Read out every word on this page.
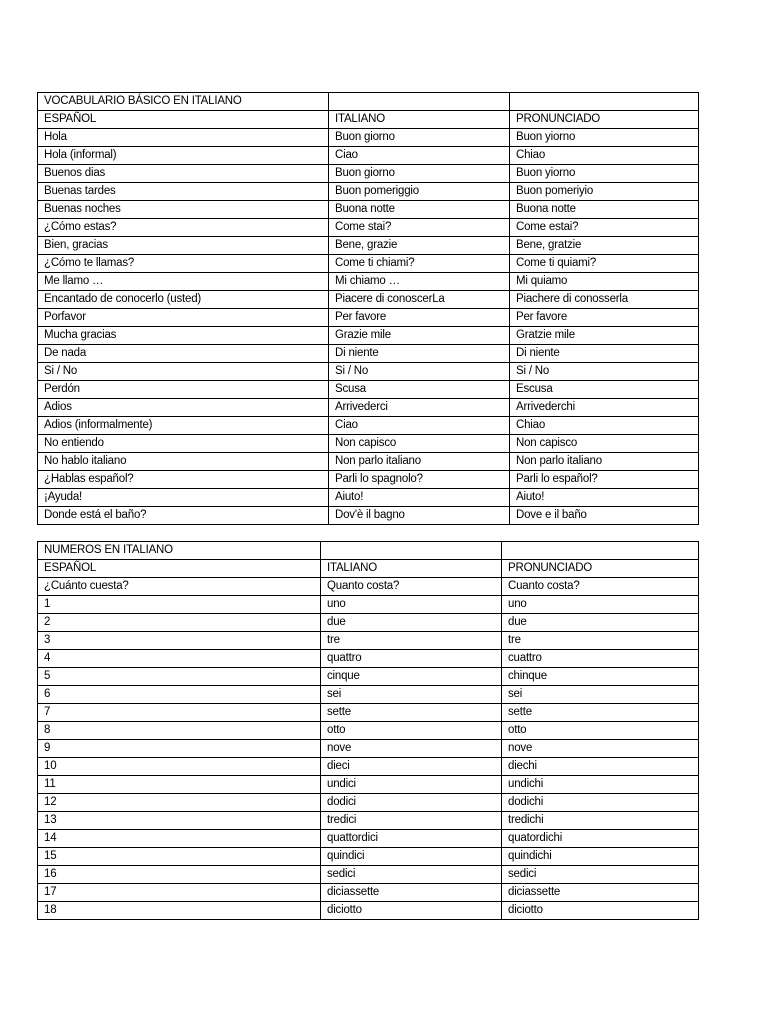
VOCABULARIO BÁSICO EN ITALIANO		
ESPAÑOL	ITALIANO	PRONUNCIADO
Hola	Buon giorno	Buon yiorno
Hola (informal)	Ciao	Chiao
Buenos dias	Buon giorno	Buon yiorno
Buenas tardes	Buon pomeriggio	Buon pomeriyio
Buenas noches	Buona notte	Buona notte
¿Cómo estas?	Come stai?	Come estai?
Bien, gracias	Bene, grazie	Bene, gratzie
¿Cómo te llamas?	Come ti chiami?	Come ti quiami?
Me llamo …	Mi chiamo …	Mi quiamo
Encantado de conocerlo (usted)	Piacere di conoscerLa	Piachere di conosserla
Porfavor	Per favore	Per favore
Mucha gracias	Grazie mile	Gratzie mile
De nada	Di niente	Di niente
Si / No	Si / No	Si / No
Perdón	Scusa	Escusa
Adios	Arrivederci	Arrivederchi
Adios (informalmente)	Ciao	Chiao
No entiendo	Non capisco	Non capisco
No hablo italiano	Non parlo italiano	Non parlo italiano
¿Hablas español?	Parli lo spagnolo?	Parli lo español?
¡Ayuda!	Aiuto!	Aiuto!
Donde está el baño?	Dov'è il bagno	Dove e il baño
NUMEROS EN ITALIANO		
ESPAÑOL	ITALIANO	PRONUNCIADO
¿Cuánto cuesta?	Quanto costa?	Cuanto costa?
1	uno	uno
2	due	due
3	tre	tre
4	quattro	cuattro
5	cinque	chinque
6	sei	sei
7	sette	sette
8	otto	otto
9	nove	nove
10	dieci	diechi
11	undici	undichi
12	dodici	dodichi
13	tredici	tredichi
14	quattordici	quatordichi
15	quindici	quindichi
16	sedici	sedici
17	diciassette	diciassette
18	diciotto	diciotto
